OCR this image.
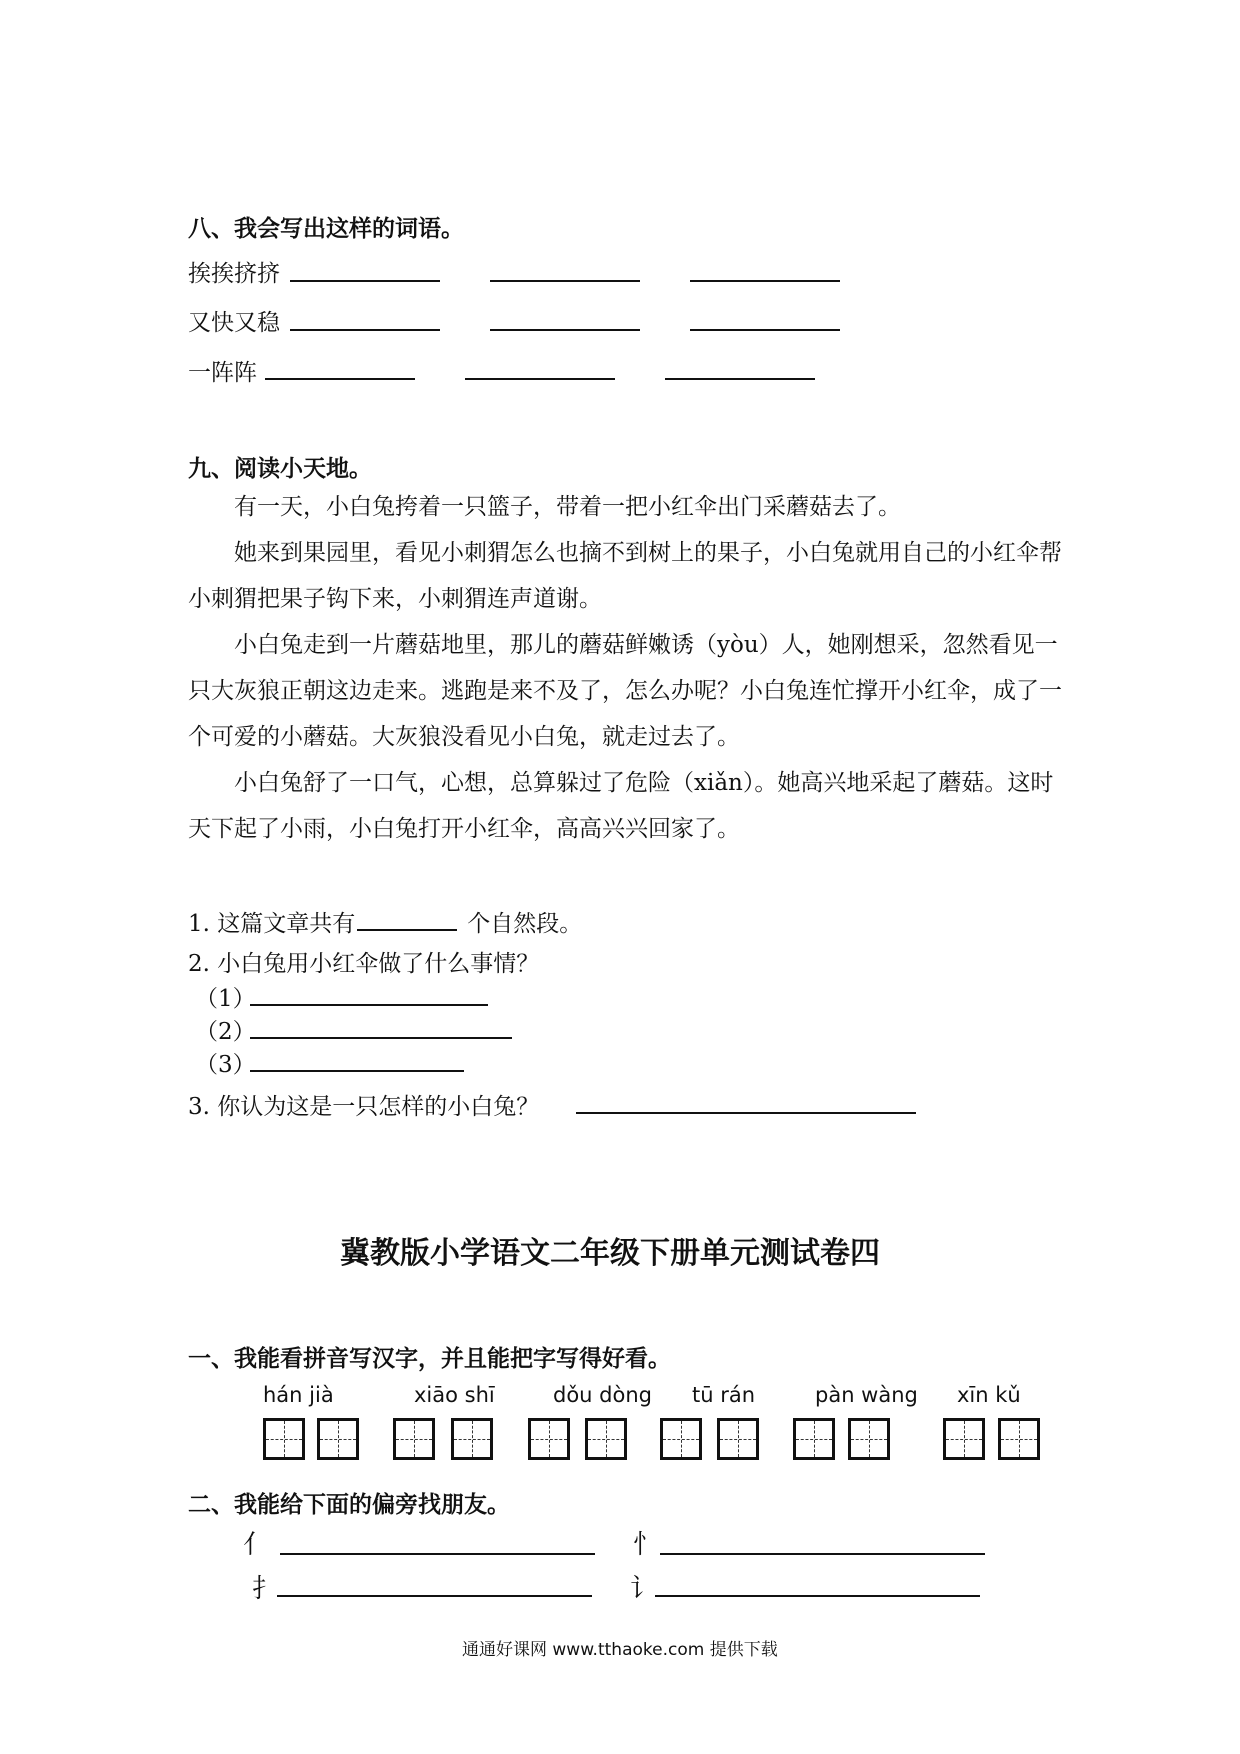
八、我会写出这样的词语。
挨挨挤挤
又快又稳
一阵阵
九、阅读小天地。

有一天，小白兔挎着一只篮子，带着一把小红伞出门采蘑菇去了。

她来到果园里，看见小刺猬怎么也摘不到树上的果子，小白兔就用自己的小红伞帮小刺猬把果子钩下来，小刺猬连声道谢。

小白兔走到一片蘑菇地里，那儿的蘑菇鲜嫩诱（yòu）人，她刚想采，忽然看见一只大灰狼正朝这边走来。逃跑是来不及了，怎么办呢？小白兔连忙撑开小红伞，成了一个可爱的小蘑菇。大灰狼没看见小白兔，就走过去了。

小白兔舒了一口气，心想，总算躲过了危险（xiǎn）。她高兴地采起了蘑菇。这时天下起了小雨，小白兔打开小红伞，高高兴兴回家了。

1. 这篇文章共有	个自然段。
2. 小白兔用小红伞做了什么事情？
（1）
（2）
（3）
3. 你认为这是一只怎样的小白兔？
冀教版小学语文二年级下册单元测试卷四
一、我能看拼音写汉字，并且能把字写得好看。
hán jià	xiāo shī	dǒu dòng tū rán	pàn wàng xīn kǔ
二、我能给下面的偏旁找朋友。
亻	忄
扌	讠
通通好课网 www.tthaoke.com 提供下载
